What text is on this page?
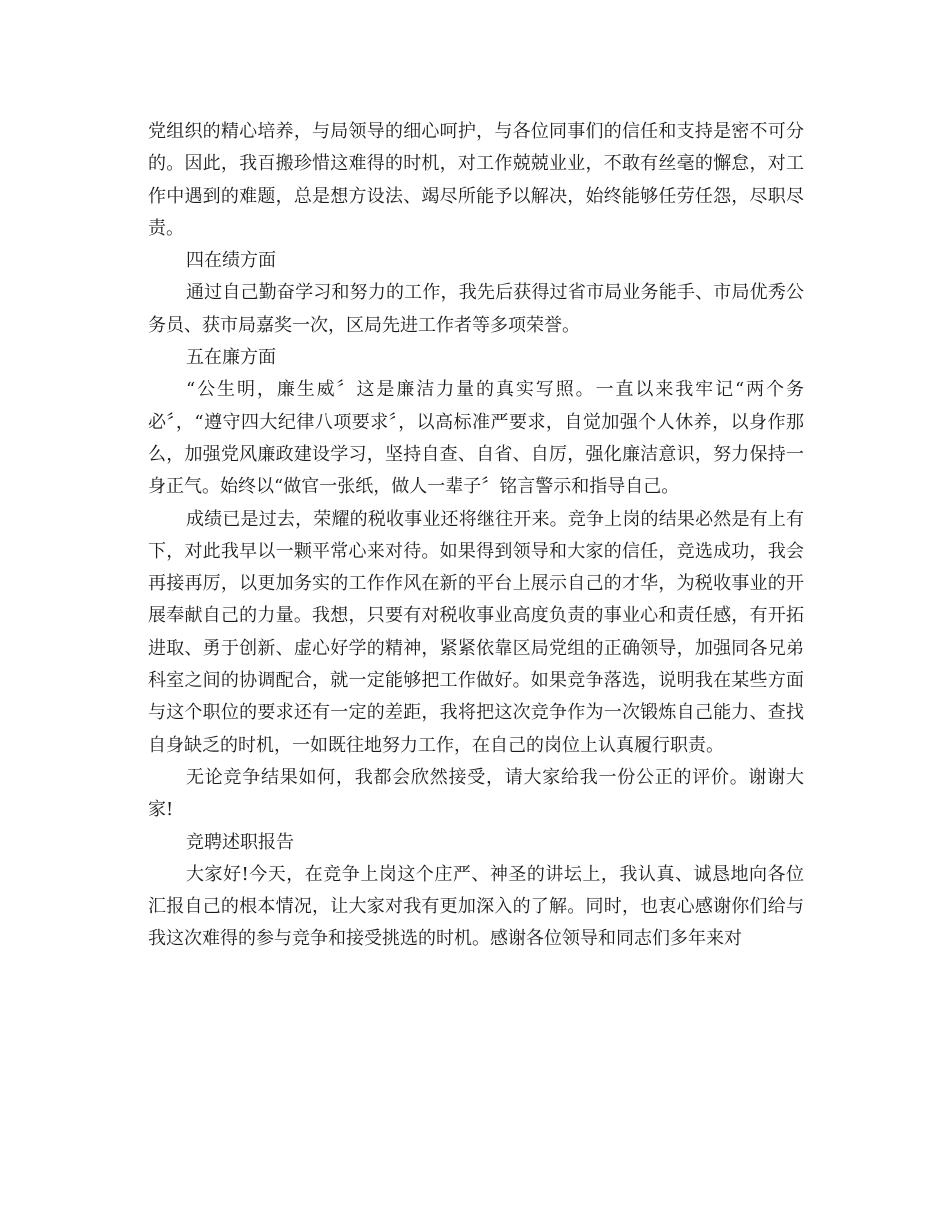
党组织的精心培养，与局领导的细心呵护，与各位同事们的信任和支持是密不可分的。因此，我百搬珍惜这难得的时机，对工作兢兢业业，不敢有丝毫的懈怠，对工作中遇到的难题，总是想方设法、竭尽所能予以解决，始终能够任劳任怨，尽职尽责。

四在绩方面

通过自己勤奋学习和努力的工作，我先后获得过省市局业务能手、市局优秀公务员、获市局嘉奖一次，区局先进工作者等多项荣誉。

五在廉方面

“公生明，廉生威〞这是廉洁力量的真实写照。一直以来我牢记“两个务必〞，“遵守四大纪律八项要求〞，以高标准严要求，自觉加强个人休养，以身作那么，加强党风廉政建设学习，坚持自查、自省、自厉，强化廉洁意识，努力保持一身正气。始终以“做官一张纸，做人一辈子〞铭言警示和指导自己。

成绩已是过去，荣耀的税收事业还将继往开来。竞争上岗的结果必然是有上有下，对此我早以一颗平常心来对待。如果得到领导和大家的信任，竞选成功，我会再接再厉，以更加务实的工作作风在新的平台上展示自己的才华，为税收事业的开展奉献自己的力量。我想，只要有对税收事业高度负责的事业心和责任感，有开拓进取、勇于创新、虚心好学的精神，紧紧依靠区局党组的正确领导，加强同各兄弟科室之间的协调配合，就一定能够把工作做好。如果竞争落选，说明我在某些方面与这个职位的要求还有一定的差距，我将把这次竞争作为一次锻炼自己能力、查找自身缺乏的时机，一如既往地努力工作，在自己的岗位上认真履行职责。

无论竞争结果如何，我都会欣然接受，请大家给我一份公正的评价。谢谢大家!

竞聘述职报告

大家好!今天，在竞争上岗这个庄严、神圣的讲坛上，我认真、诚恳地向各位汇报自己的根本情况，让大家对我有更加深入的了解。同时，也衷心感谢你们给与我这次难得的参与竞争和接受挑选的时机。感谢各位领导和同志们多年来对
